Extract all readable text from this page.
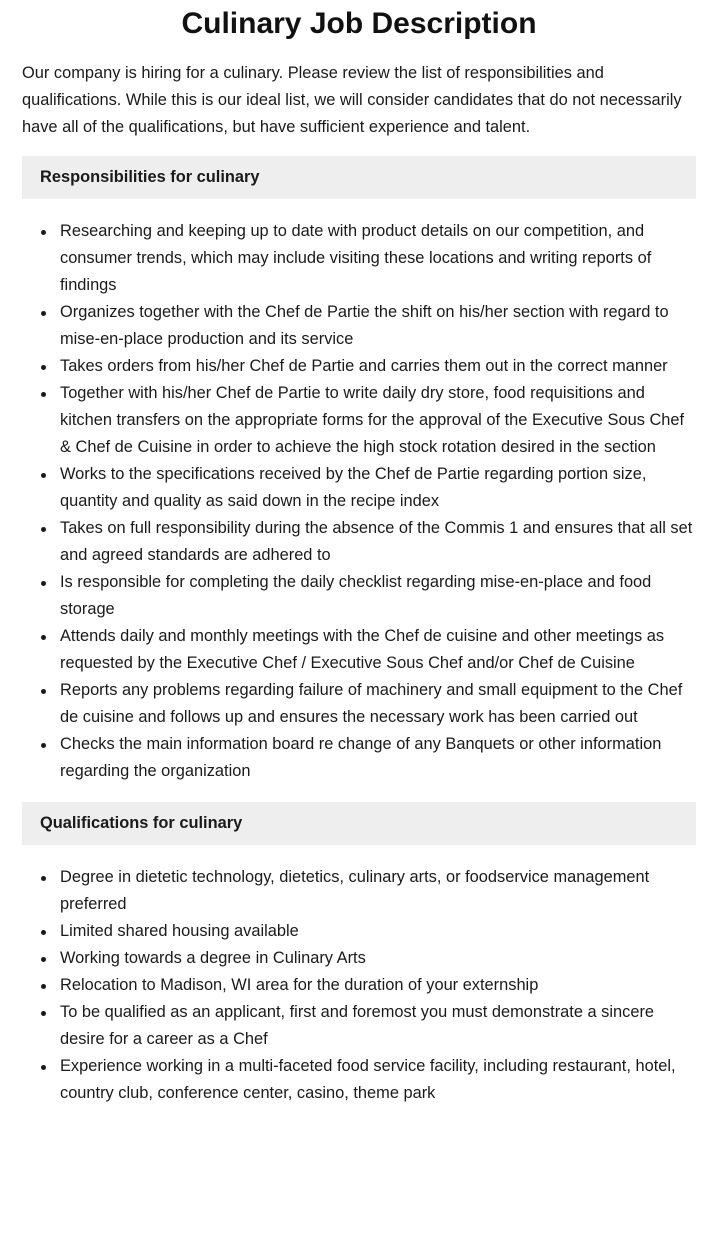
Culinary Job Description

Our company is hiring for a culinary. Please review the list of responsibilities and qualifications. While this is our ideal list, we will consider candidates that do not necessarily have all of the qualifications, but have sufficient experience and talent.

Responsibilities for culinary
Researching and keeping up to date with product details on our competition, and consumer trends, which may include visiting these locations and writing reports of findings
Organizes together with the Chef de Partie the shift on his/her section with regard to mise-en-place production and its service
Takes orders from his/her Chef de Partie and carries them out in the correct manner
Together with his/her Chef de Partie to write daily dry store, food requisitions and kitchen transfers on the appropriate forms for the approval of the Executive Sous Chef & Chef de Cuisine in order to achieve the high stock rotation desired in the section
Works to the specifications received by the Chef de Partie regarding portion size, quantity and quality as said down in the recipe index
Takes on full responsibility during the absence of the Commis 1 and ensures that all set and agreed standards are adhered to
Is responsible for completing the daily checklist regarding mise-en-place and food storage
Attends daily and monthly meetings with the Chef de cuisine and other meetings as requested by the Executive Chef / Executive Sous Chef and/or Chef de Cuisine
Reports any problems regarding failure of machinery and small equipment to the Chef de cuisine and follows up and ensures the necessary work has been carried out
Checks the main information board re change of any Banquets or other information regarding the organization
Qualifications for culinary
Degree in dietetic technology, dietetics, culinary arts, or foodservice management preferred
Limited shared housing available
Working towards a degree in Culinary Arts
Relocation to Madison, WI area for the duration of your externship
To be qualified as an applicant, first and foremost you must demonstrate a sincere desire for a career as a Chef
Experience working in a multi-faceted food service facility, including restaurant, hotel, country club, conference center, casino, theme park
